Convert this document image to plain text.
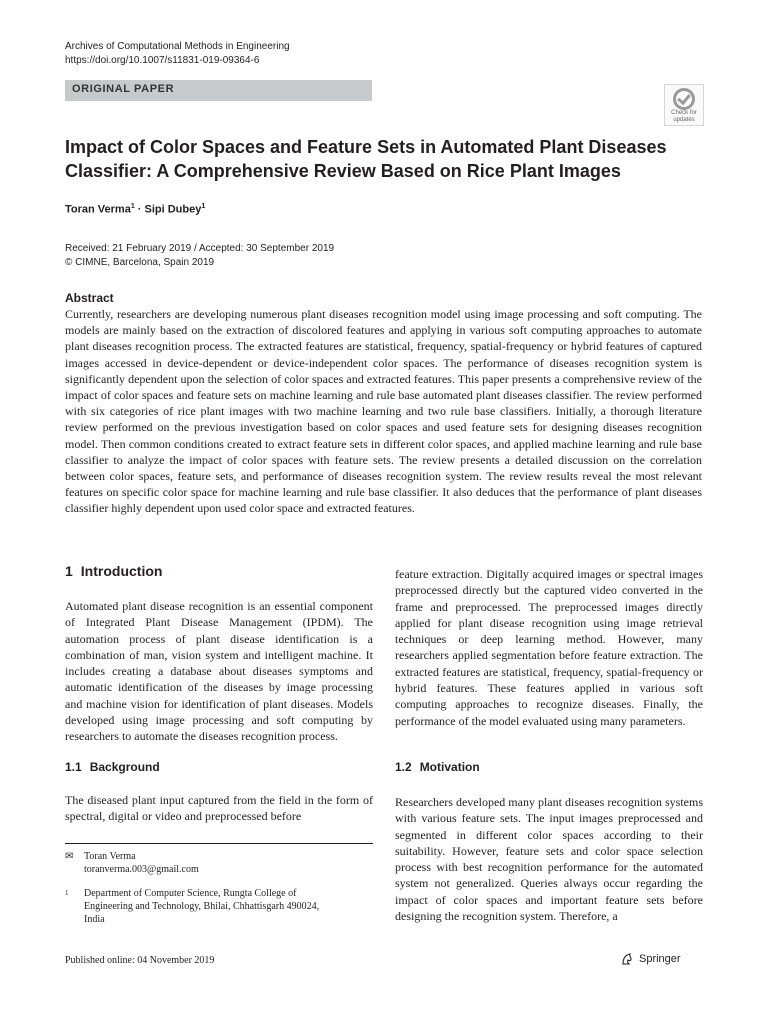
Archives of Computational Methods in Engineering
https://doi.org/10.1007/s11831-019-09364-6
ORIGINAL PAPER
Check for
updates
Impact of Color Spaces and Feature Sets in Automated Plant Diseases Classifier: A Comprehensive Review Based on Rice Plant Images
Toran Verma$^1$ · Sipi Dubey$^1$
Received: 21 February 2019 / Accepted: 30 September 2019
© CIMNE, Barcelona, Spain 2019
Abstract

Currently, researchers are developing numerous plant diseases recognition model using image processing and soft computing. The models are mainly based on the extraction of discolored features and applying in various soft computing approaches to automate plant diseases recognition process. The extracted features are statistical, frequency, spatial-frequency or hybrid features of captured images accessed in device-dependent or device-independent color spaces. The performance of diseases recognition system is significantly dependent upon the selection of color spaces and extracted features. This paper presents a comprehensive review of the impact of color spaces and feature sets on machine learning and rule base automated plant diseases classifier. The review performed with six categories of rice plant images with two machine learning and two rule base classifiers. Initially, a thorough literature review performed on the previous investigation based on color spaces and used feature sets for designing diseases recognition model. Then common conditions created to extract feature sets in different color spaces, and applied machine learning and rule base classifier to analyze the impact of color spaces with feature sets. The review presents a detailed discussion on the correlation between color spaces, feature sets, and performance of diseases recognition system. The review results reveal the most relevant features on specific color space for machine learning and rule base classifier. It also deduces that the performance of plant diseases classifier highly dependent upon used color space and extracted features.

1 Introduction

Automated plant disease recognition is an essential component of Integrated Plant Disease Management (IPDM). The automation process of plant disease identification is a combination of man, vision system and intelligent machine. It includes creating a database about diseases symptoms and automatic identification of the diseases by image processing and machine vision for identification of plant diseases. Models developed using image processing and soft computing by researchers to automate the diseases recognition process.

1.1 Background

The diseased plant input captured from the field in the form of spectral, digital or video and preprocessed before

✉ Toran Verma
toranverma.003@gmail.com
1 Department of Computer Science, Rungta College of Engineering and Technology, Bhilai, Chhattisgarh 490024, India

feature extraction. Digitally acquired images or spectral images preprocessed directly but the captured video converted in the frame and preprocessed. The preprocessed images directly applied for plant disease recognition using image retrieval techniques or deep learning method. However, many researchers applied segmentation before feature extraction. The extracted features are statistical, frequency, spatial-frequency or hybrid features. These features applied in various soft computing approaches to recognize diseases. Finally, the performance of the model evaluated using many parameters.

1.2 Motivation

Researchers developed many plant diseases recognition systems with various feature sets. The input images preprocessed and segmented in different color spaces according to their suitability. However, feature sets and color space selection process with best recognition performance for the automated system not generalized. Queries always occur regarding the impact of color spaces and important feature sets before designing the recognition system. Therefore, a

Published online: 04 November 2019	Springer
